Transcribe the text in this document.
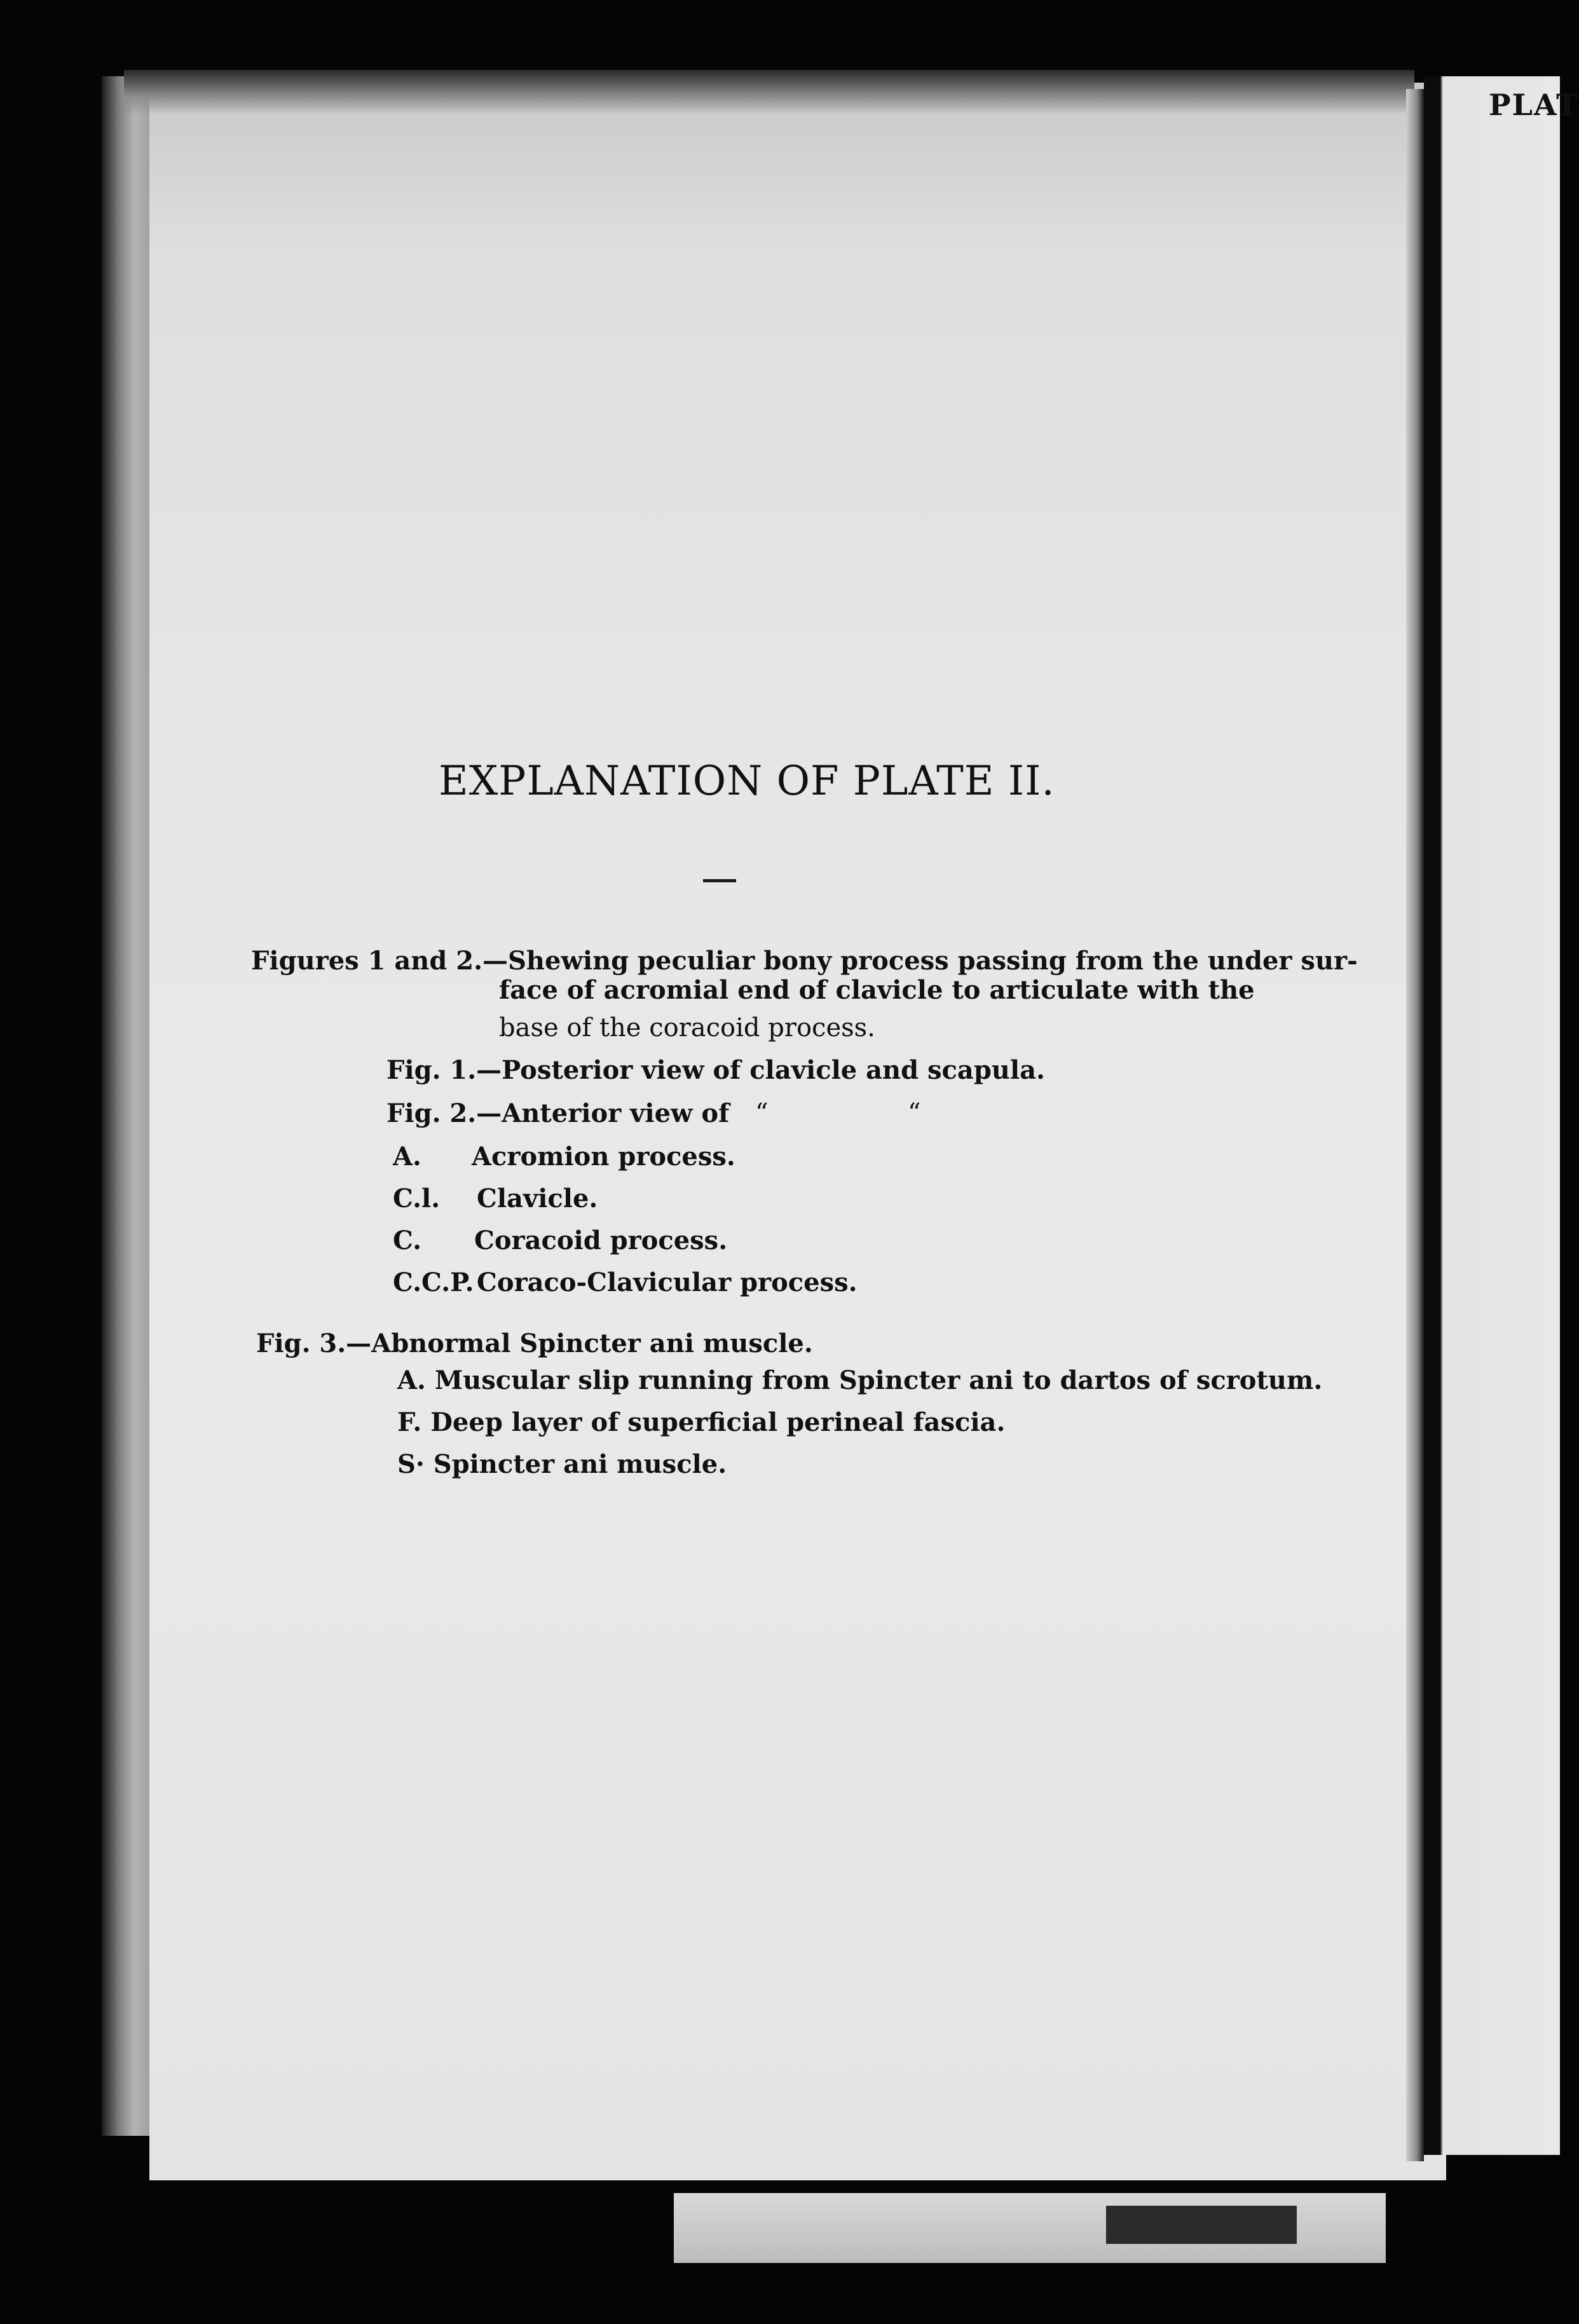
PLAT
EXPLANATION OF PLATE II.
Figures 1 and 2.—Shewing peculiar bony process passing from the under sur-
face of acromial end of clavicle to articulate with the
base of the coracoid process.
Fig. 1.—Posterior view of clavicle and scapula.
Fig. 2.—Anterior view of “	“
A. Acromion process.
C.l. Clavicle.
C. Coracoid process.
C.C.P. Coraco-Clavicular process.
Fig. 3.—Abnormal Spincter ani muscle.
A. Muscular slip running from Spincter ani to dartos of scrotum.
F. Deep layer of superficial perineal fascia.
S· Spincter ani muscle.
